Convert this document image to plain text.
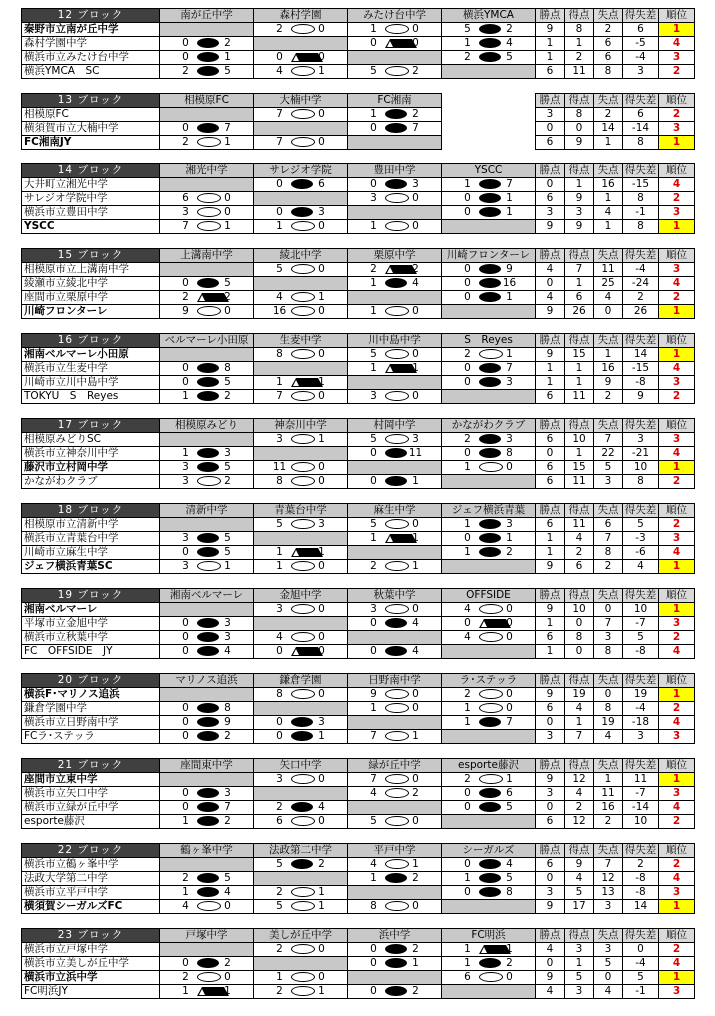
12 ブロック	南が丘中学	森村学園	みたけ台中学	横浜YMCA	勝点	得点	失点	得失差	順位
秦野市立南が丘中学		2 0	1 0	5 2	9	8	2	6	1
森村学園中学	0 2		0 0	1 4	1	1	6	-5	4
横浜市立みたけ台中学	0 1	0 0		2 5	1	2	6	-4	3
横浜YMCA　SC	2 5	4 1	5 2		6	11	8	3	2
13 ブロック	相模原FC	大楠中学	FC湘南		勝点	得点	失点	得失差	順位
相模原FC		7 0	1 2		3	8	2	6	2
横須賀市立大楠中学	0 7		0 7		0	0	14	-14	3
FC湘南JY	2 1	7 0			6	9	1	8	1
14 ブロック	湘光中学	サレジオ学院	豊田中学	YSCC	勝点	得点	失点	得失差	順位
大井町立湘光中学		0 6	0 3	1 7	0	1	16	-15	4
サレジオ学院中学	6 0		3 0	0 1	6	9	1	8	2
横浜市立豊田中学	3 0	0 3		0 1	3	3	4	-1	3
YSCC	7 1	1 0	1 0		9	9	1	8	1
15 ブロック	上溝南中学	綾北中学	栗原中学	川崎フロンターレ	勝点	得点	失点	得失差	順位
相模原市立上溝南中学		5 0	2 2	0 9	4	7	11	-4	3
綾瀬市立綾北中学	0 5		1 4	0 16	0	1	25	-24	4
座間市立栗原中学	2 2	4 1		0 1	4	6	4	2	2
川崎フロンターレ	9 0	16 0	1 0		9	26	0	26	1
16 ブロック	ベルマーレ小田原	生麦中学	川中島中学	S　Reyes	勝点	得点	失点	得失差	順位
湘南ベルマーレ小田原		8 0	5 0	2 1	9	15	1	14	1
横浜市立生麦中学	0 8		1 1	0 7	1	1	16	-15	4
川崎市立川中島中学	0 5	1 1		0 3	1	1	9	-8	3
TOKYU　S　Reyes	1 2	7 0	3 0		6	11	2	9	2
17 ブロック	相模原みどり	神奈川中学	村岡中学	かながわクラブ	勝点	得点	失点	得失差	順位
相模原みどりSC		3 1	5 3	2 3	6	10	7	3	3
横浜市立神奈川中学	1 3		0 11	0 8	0	1	22	-21	4
藤沢市立村岡中学	3 5	11 0		1 0	6	15	5	10	1
かながわクラブ	3 2	8 0	0 1		6	11	3	8	2
18 ブロック	清新中学	青葉台中学	麻生中学	ジェフ横浜青葉	勝点	得点	失点	得失差	順位
相模原市立清新中学		5 3	5 0	1 3	6	11	6	5	2
横浜市立青葉台中学	3 5		1 1	0 1	1	4	7	-3	3
川崎市立麻生中学	0 5	1 1		1 2	1	2	8	-6	4
ジェフ横浜青葉SC	3 1	1 0	2 1		9	6	2	4	1
19 ブロック	湘南ベルマーレ	金旭中学	秋葉中学	OFFSIDE	勝点	得点	失点	得失差	順位
湘南ベルマーレ		3 0	3 0	4 0	9	10	0	10	1
平塚市立金旭中学	0 3		0 4	0 0	1	0	7	-7	3
横浜市立秋葉中学	0 3	4 0		4 0	6	8	3	5	2
FC　OFFSIDE　JY	0 4	0 0	0 4		1	0	8	-8	4
20 ブロック	マリノス追浜	鎌倉学園	日野南中学	ラ･ステッラ	勝点	得点	失点	得失差	順位
横浜F･マリノス追浜		8 0	9 0	2 0	9	19	0	19	1
鎌倉学園中学	0 8		1 0	1 0	6	4	8	-4	2
横浜市立日野南中学	0 9	0 3		1 7	0	1	19	-18	4
FCラ･ステッラ	0 2	0 1	7 1		3	7	4	3	3
21 ブロック	座間東中学	矢口中学	緑が丘中学	esporte藤沢	勝点	得点	失点	得失差	順位
座間市立東中学		3 0	7 0	2 1	9	12	1	11	1
横浜市立矢口中学	0 3		4 2	0 6	3	4	11	-7	3
横浜市立緑が丘中学	0 7	2 4		0 5	0	2	16	-14	4
esporte藤沢	1 2	6 0	5 0		6	12	2	10	2
22 ブロック	鶴ヶ峯中学	法政第二中学	平戸中学	シーガルズ	勝点	得点	失点	得失差	順位
横浜市立鶴ヶ峯中学		5 2	4 1	0 4	6	9	7	2	2
法政大学第二中学	2 5		1 2	1 5	0	4	12	-8	4
横浜市立平戸中学	1 4	2 1		0 8	3	5	13	-8	3
横須賀シーガルズFC	4 0	5 1	8 0		9	17	3	14	1
23 ブロック	戸塚中学	美しが丘中学	浜中学	FC明浜	勝点	得点	失点	得失差	順位
横浜市立戸塚中学		2 0	0 2	1 1	4	3	3	0	2
横浜市立美しが丘中学	0 2		0 1	1 2	0	1	5	-4	4
横浜市立浜中学	2 0	1 0		6 0	9	5	0	5	1
FC明浜JY	1 1	2 1	0 2		4	3	4	-1	3
